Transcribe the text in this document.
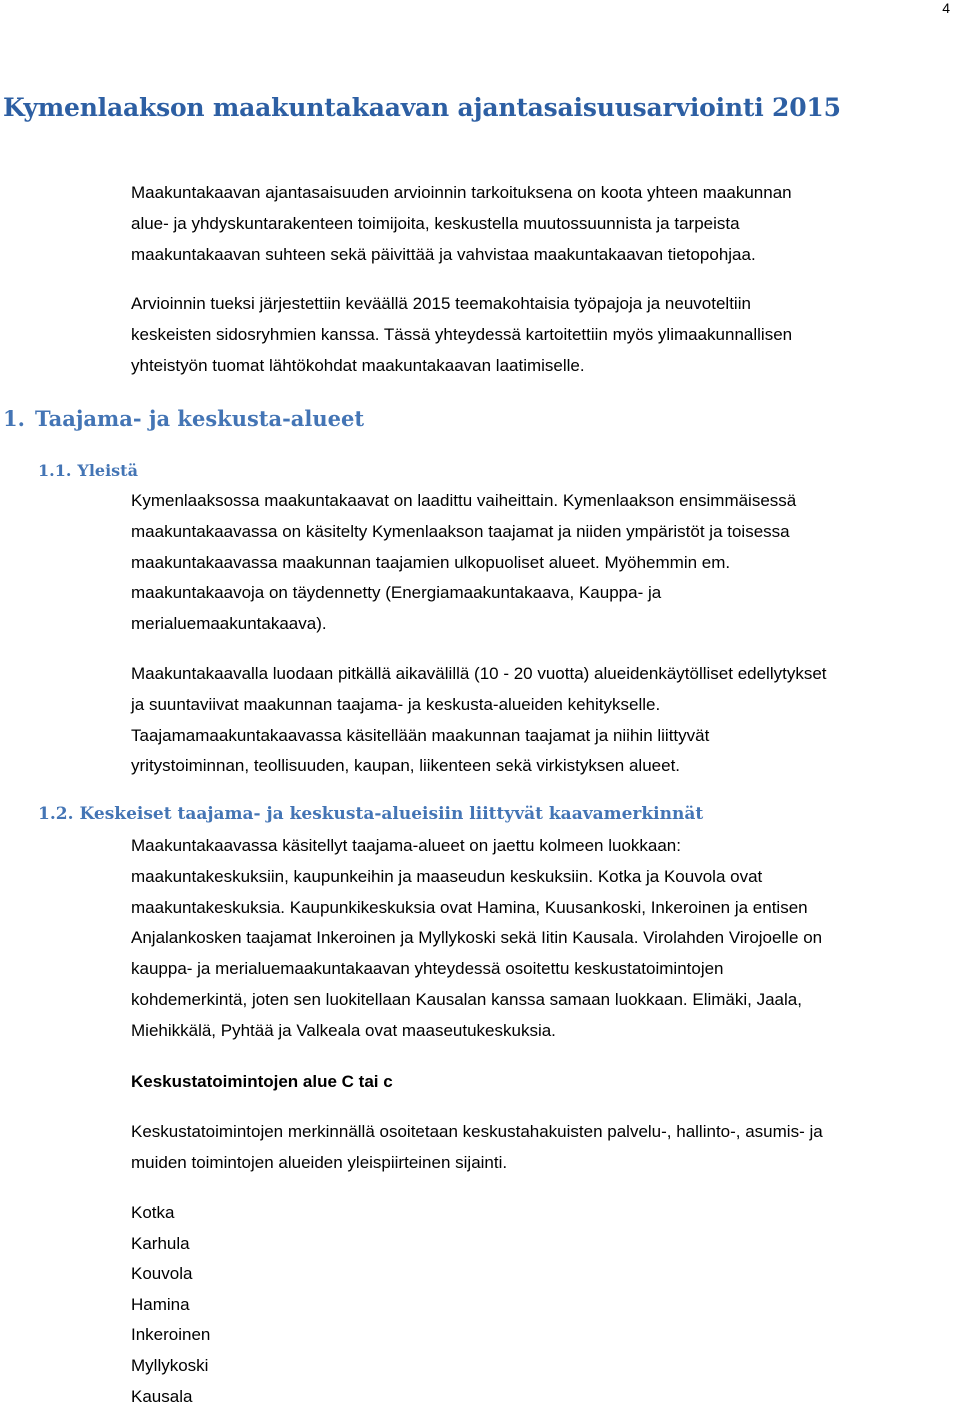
4
Kymenlaakson maakuntakaavan ajantasaisuusarviointi 2015

Maakuntakaavan ajantasaisuuden arvioinnin tarkoituksena on koota yhteen maakunnan
alue- ja yhdyskuntarakenteen toimijoita, keskustella muutossuunnista ja tarpeista
maakuntakaavan suhteen sekä päivittää ja vahvistaa maakuntakaavan tietopohjaa.

Arvioinnin tueksi järjestettiin keväällä 2015 teemakohtaisia työpajoja ja neuvoteltiin
keskeisten sidosryhmien kanssa. Tässä yhteydessä kartoitettiin myös ylimaakunnallisen
yhteistyön tuomat lähtökohdat maakuntakaavan laatimiselle.

1. Taajama- ja keskusta-alueet
1.1. Yleistä

Kymenlaaksossa maakuntakaavat on laadittu vaiheittain. Kymenlaakson ensimmäisessä
maakuntakaavassa on käsitelty Kymenlaakson taajamat ja niiden ympäristöt ja toisessa
maakuntakaavassa maakunnan taajamien ulkopuoliset alueet. Myöhemmin em.
maakuntakaavoja on täydennetty (Energiamaakuntakaava, Kauppa- ja
merialuemaakuntakaava).

Maakuntakaavalla luodaan pitkällä aikavälillä (10 - 20 vuotta) alueidenkäytölliset edellytykset
ja suuntaviivat maakunnan taajama- ja keskusta-alueiden kehitykselle.
Taajamamaakuntakaavassa käsitellään maakunnan taajamat ja niihin liittyvät
yritystoiminnan, teollisuuden, kaupan, liikenteen sekä virkistyksen alueet.

1.2. Keskeiset taajama- ja keskusta-alueisiin liittyvät kaavamerkinnät

Maakuntakaavassa käsitellyt taajama-alueet on jaettu kolmeen luokkaan:
maakuntakeskuksiin, kaupunkeihin ja maaseudun keskuksiin. Kotka ja Kouvola ovat
maakuntakeskuksia. Kaupunkikeskuksia ovat Hamina, Kuusankoski, Inkeroinen ja entisen
Anjalankosken taajamat Inkeroinen ja Myllykoski sekä Iitin Kausala. Virolahden Virojoelle on
kauppa- ja merialuemaakuntakaavan yhteydessä osoitettu keskustatoimintojen
kohdemerkintä, joten sen luokitellaan Kausalan kanssa samaan luokkaan. Elimäki, Jaala,
Miehikkälä, Pyhtää ja Valkeala ovat maaseutukeskuksia.

Keskustatoimintojen alue C tai c

Keskustatoimintojen merkinnällä osoitetaan keskustahakuisten palvelu-, hallinto-, asumis- ja
muiden toimintojen alueiden yleispiirteinen sijainti.

Kotka
Karhula
Kouvola
Hamina
Inkeroinen
Myllykoski
Kausala
